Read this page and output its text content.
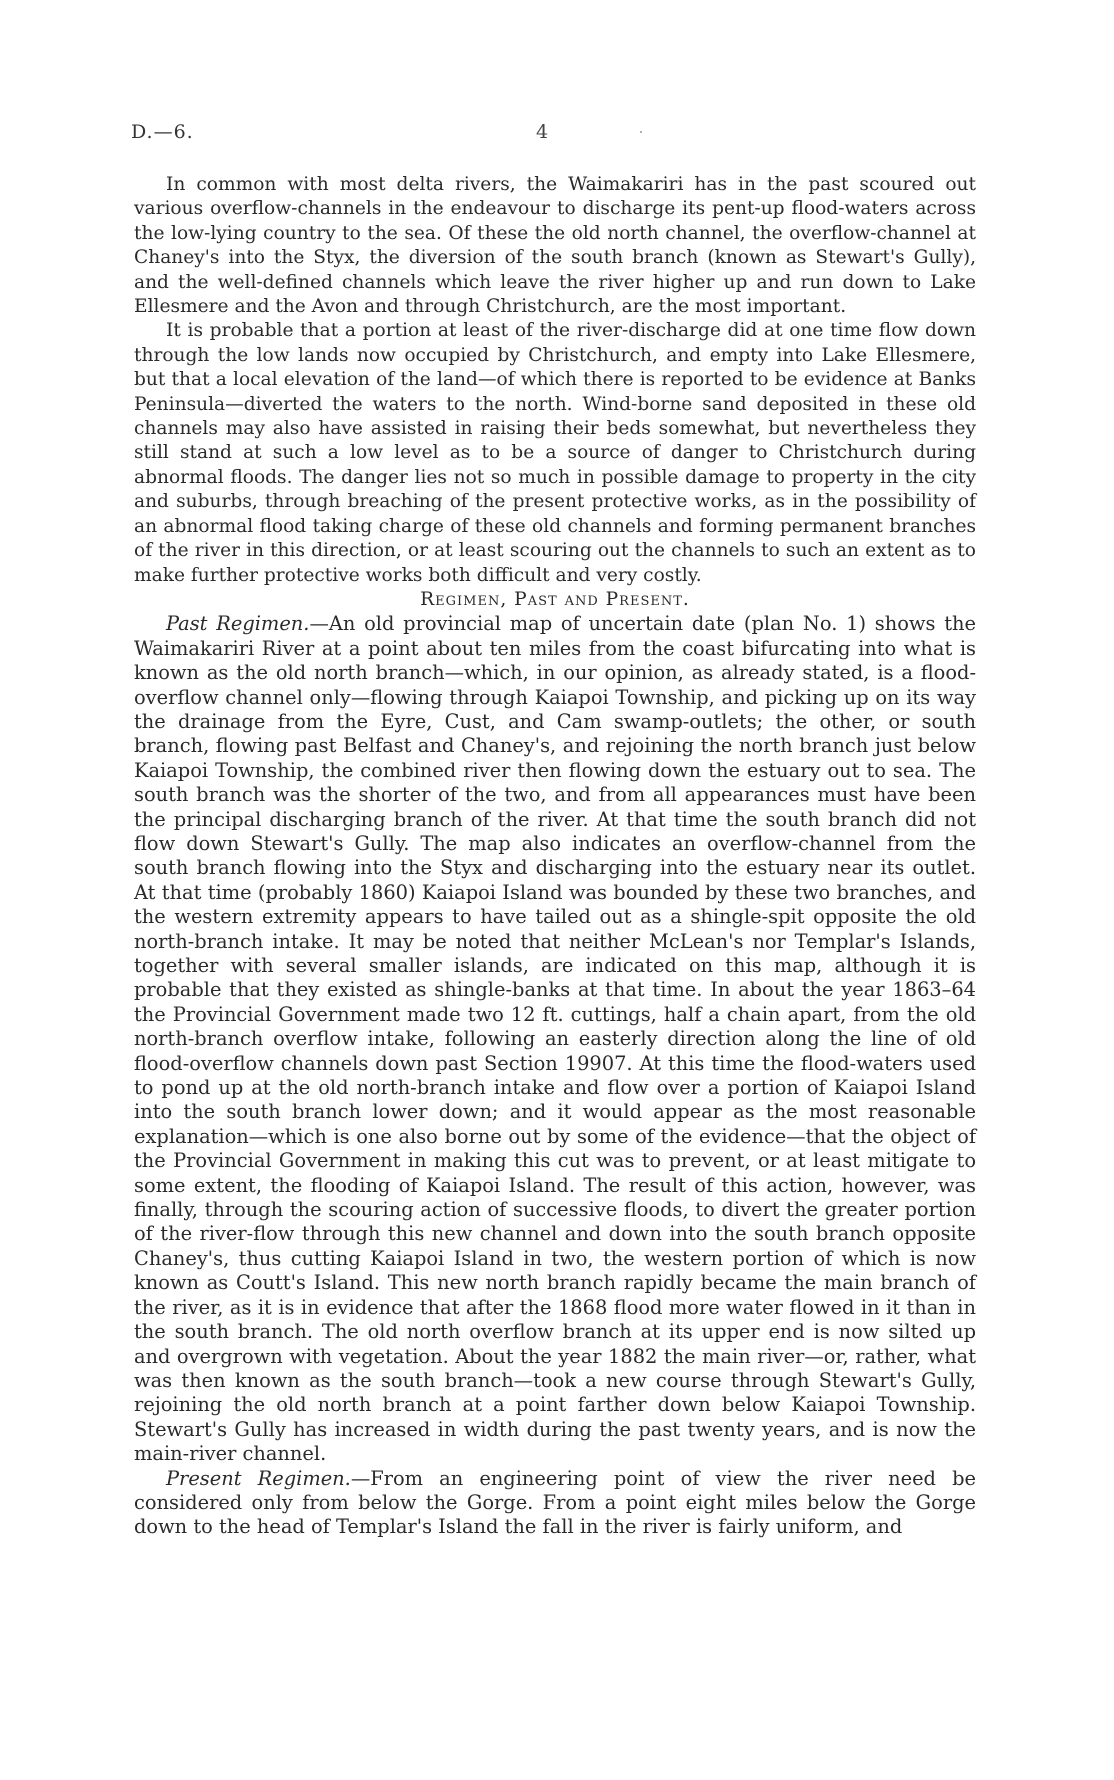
D.—6.	4

In common with most delta rivers, the Waimakariri has in the past scoured out various overflow-channels in the endeavour to discharge its pent-up flood-waters across the low-lying country to the sea. Of these the old north channel, the overflow-channel at Chaney's into the Styx, the diversion of the south branch (known as Stewart's Gully), and the well-defined channels which leave the river higher up and run down to Lake Ellesmere and the Avon and through Christchurch, are the most important.

It is probable that a portion at least of the river-discharge did at one time flow down through the low lands now occupied by Christchurch, and empty into Lake Ellesmere, but that a local elevation of the land—of which there is reported to be evidence at Banks Peninsula—diverted the waters to the north. Wind-borne sand deposited in these old channels may also have assisted in raising their beds somewhat, but nevertheless they still stand at such a low level as to be a source of danger to Christchurch during abnormal floods. The danger lies not so much in possible damage to property in the city and suburbs, through breaching of the present protective works, as in the possibility of an abnormal flood taking charge of these old channels and forming permanent branches of the river in this direction, or at least scouring out the channels to such an extent as to make further protective works both difficult and very costly.

Regimen, Past and Present.

Past Regimen.—An old provincial map of uncertain date (plan No. 1) shows the Waimakariri River at a point about ten miles from the coast bifurcating into what is known as the old north branch—which, in our opinion, as already stated, is a flood-overflow channel only—flowing through Kaiapoi Township, and picking up on its way the drainage from the Eyre, Cust, and Cam swamp-outlets; the other, or south branch, flowing past Belfast and Chaney's, and rejoining the north branch just below Kaiapoi Township, the combined river then flowing down the estuary out to sea. The south branch was the shorter of the two, and from all appearances must have been the principal discharging branch of the river. At that time the south branch did not flow down Stewart's Gully. The map also indicates an overflow-channel from the south branch flowing into the Styx and discharging into the estuary near its outlet. At that time (probably 1860) Kaiapoi Island was bounded by these two branches, and the western extremity appears to have tailed out as a shingle-spit opposite the old north-branch intake. It may be noted that neither McLean's nor Templar's Islands, together with several smaller islands, are indicated on this map, although it is probable that they existed as shingle-banks at that time. In about the year 1863–64 the Provincial Government made two 12 ft. cuttings, half a chain apart, from the old north-branch overflow intake, following an easterly direction along the line of old flood-overflow channels down past Section 19907. At this time the flood-waters used to pond up at the old north-branch intake and flow over a portion of Kaiapoi Island into the south branch lower down; and it would appear as the most reasonable explanation—which is one also borne out by some of the evidence—that the object of the Provincial Government in making this cut was to prevent, or at least mitigate to some extent, the flooding of Kaiapoi Island. The result of this action, however, was finally, through the scouring action of successive floods, to divert the greater portion of the river-flow through this new channel and down into the south branch opposite Chaney's, thus cutting Kaiapoi Island in two, the western portion of which is now known as Coutt's Island. This new north branch rapidly became the main branch of the river, as it is in evidence that after the 1868 flood more water flowed in it than in the south branch. The old north overflow branch at its upper end is now silted up and overgrown with vegetation. About the year 1882 the main river—or, rather, what was then known as the south branch—took a new course through Stewart's Gully, rejoining the old north branch at a point farther down below Kaiapoi Township. Stewart's Gully has increased in width during the past twenty years, and is now the main-river channel.

Present Regimen.—From an engineering point of view the river need be considered only from below the Gorge. From a point eight miles below the Gorge down to the head of Templar's Island the fall in the river is fairly uniform, and
